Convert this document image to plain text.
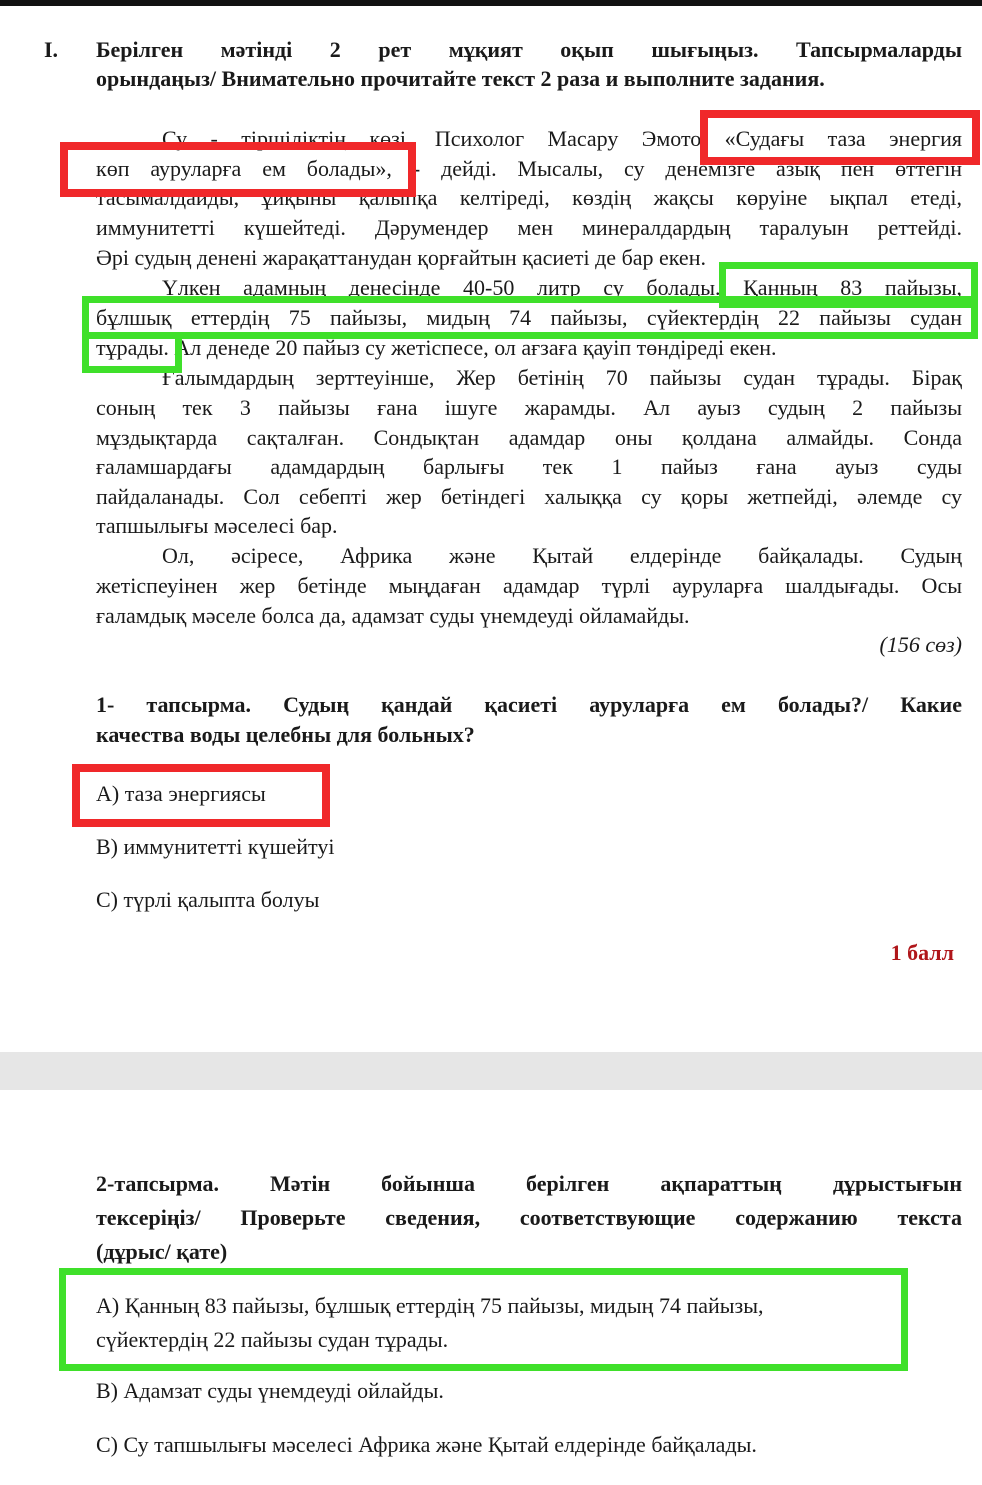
I. Берілген мәтінді 2 рет мұқият оқып шығыңыз. Тапсырмаларды
орындаңыз/ Внимательно прочитайте текст 2 раза и выполните задания.
Су - тіршіліктің көзі. Психолог Масару Эмото «Судағы таза энергия
көп ауруларға ем болады», - дейді. Мысалы, су денемізге азық пен өттегін
тасымалдайды, ұйқыны қалыпқа келтіреді, көздің жақсы көруіне ықпал етеді,
иммунитетті күшейтеді. Дәрумендер мен минералдардың таралуын реттейді.
Әрі судың денені жарақаттанудан қорғайтын қасиеті де бар екен.
Үлкен адамның денесінде 40-50 литр су болады. Қанның 83 пайызы,
бұлшық еттердің 75 пайызы, мидың 74 пайызы, сүйектердің 22 пайызы судан
тұрады. Ал денеде 20 пайыз су жетіспесе, ол ағзаға қауіп төндіреді екен.
Ғалымдардың зерттеуінше, Жер бетінің 70 пайызы судан тұрады. Бірақ
соның тек 3 пайызы ғана ішуге жарамды. Ал ауыз судың 2 пайызы
мұздықтарда сақталған. Сондықтан адамдар оны қолдана алмайды. Сонда
ғаламшардағы адамдардың барлығы тек 1 пайыз ғана ауыз суды
пайдаланады. Сол себепті жер бетіндегі халыққа су қоры жетпейді, әлемде су
тапшылығы мәселесі бар.
Ол, әсіресе, Африка және Қытай елдерінде байқалады. Судың
жетіспеуінен жер бетінде мыңдаған адамдар түрлі ауруларға шалдығады. Осы
ғаламдық мәселе болса да, адамзат суды үнемдеуді ойламайды.
(156 сөз)
1- тапсырма. Судың қандай қасиеті ауруларға ем болады?/ Какие
качества воды целебны для больных?
А) таза энергиясы
В) иммунитетті күшейтуі
С) түрлі қалыпта болуы
1 балл
2-тапсырма. Мәтін бойынша берілген ақпараттың дұрыстығын
тексеріңіз/ Проверьте сведения, соответствующие содержанию текста
(дұрыс/ қате)
А) Қанның 83 пайызы, бұлшық еттердің 75 пайызы, мидың 74 пайызы,
сүйектердің 22 пайызы судан тұрады.
В) Адамзат суды үнемдеуді ойлайды.
С) Су тапшылығы мәселесі Африка және Қытай елдерінде байқалады.
